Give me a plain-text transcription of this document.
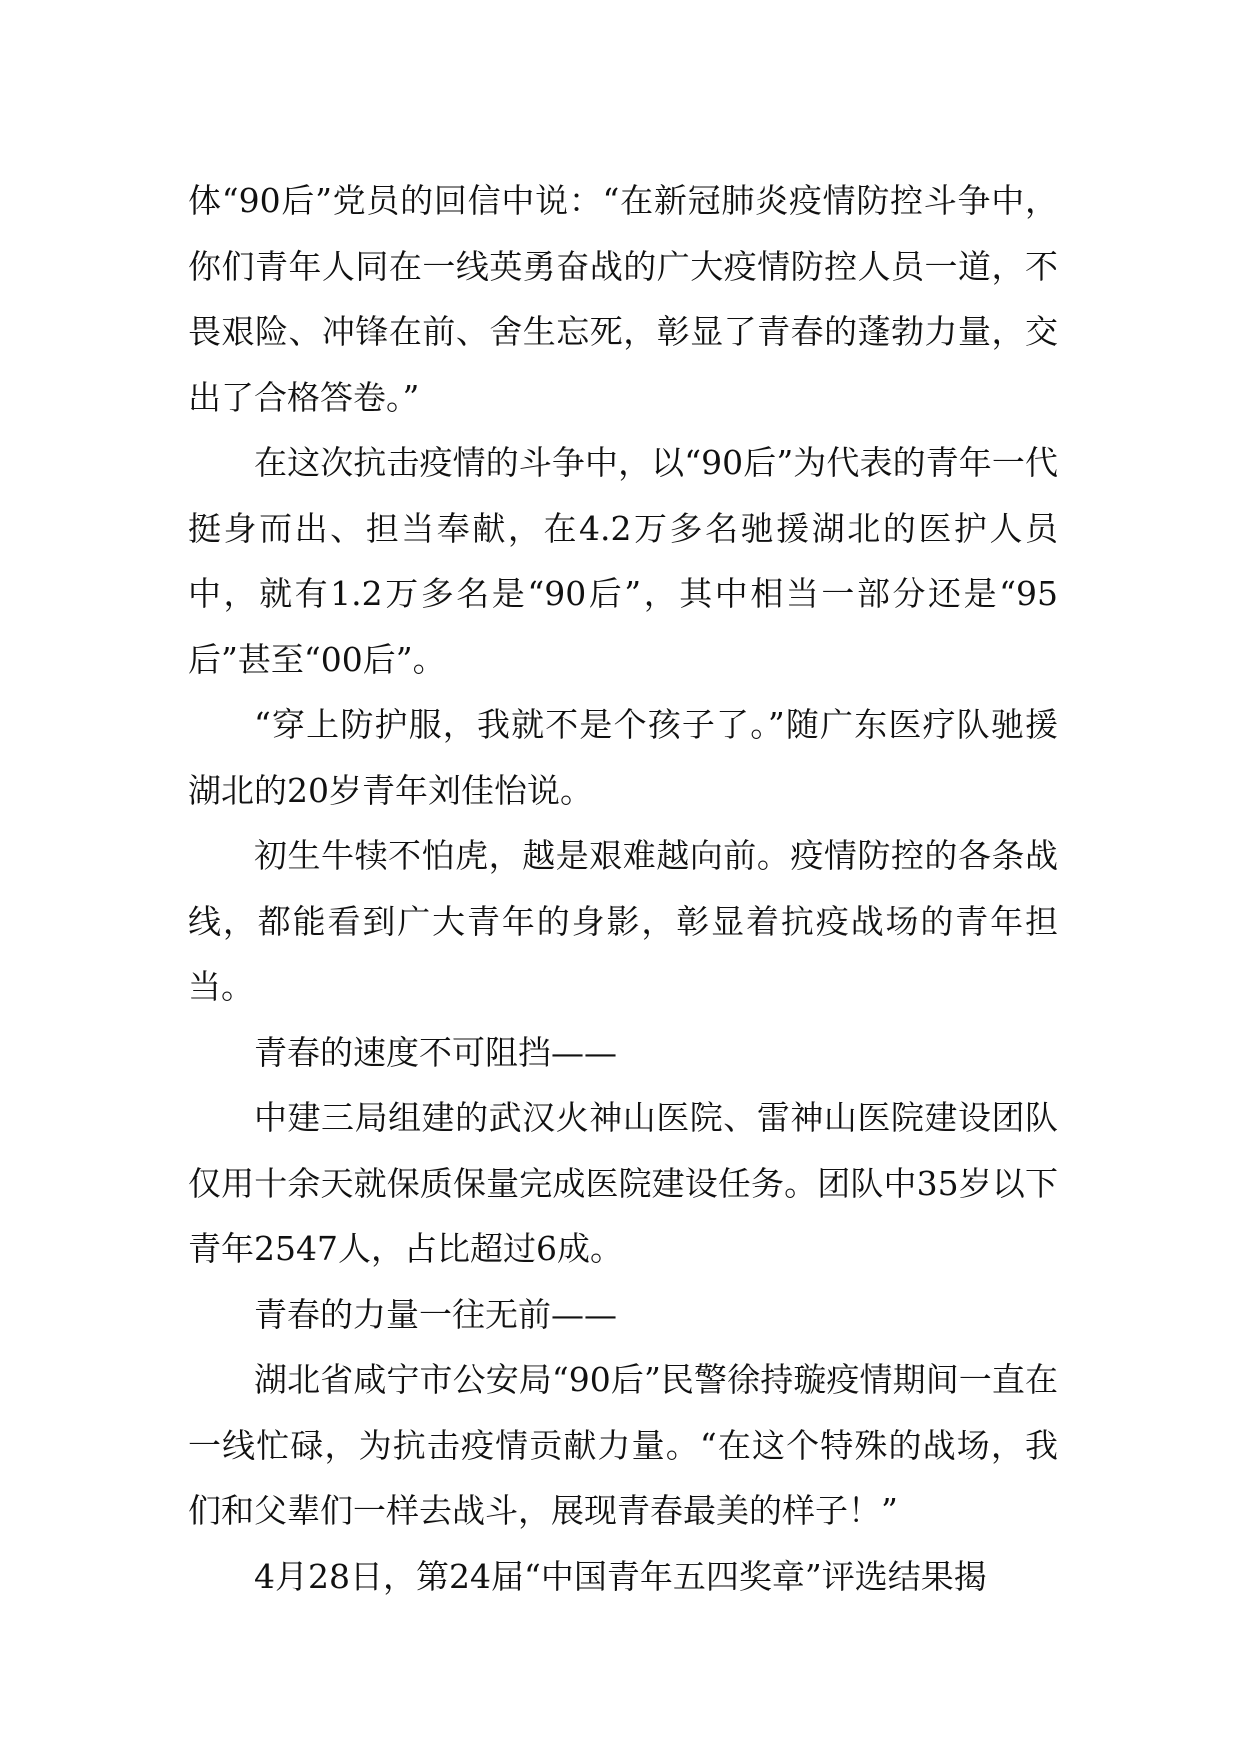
体“90后”党员的回信中说：“在新冠肺炎疫情防控斗争中，你们青年人同在一线英勇奋战的广大疫情防控人员一道，不畏艰险、冲锋在前、舍生忘死，彰显了青春的蓬勃力量，交出了合格答卷。”

在这次抗击疫情的斗争中，以“90后”为代表的青年一代挺身而出、担当奉献，在4.2万多名驰援湖北的医护人员中，就有1.2万多名是“90后”，其中相当一部分还是“95后”甚至“00后”。

“穿上防护服，我就不是个孩子了。”随广东医疗队驰援湖北的20岁青年刘佳怡说。

初生牛犊不怕虎，越是艰难越向前。疫情防控的各条战线，都能看到广大青年的身影，彰显着抗疫战场的青年担当。

青春的速度不可阻挡——

中建三局组建的武汉火神山医院、雷神山医院建设团队仅用十余天就保质保量完成医院建设任务。团队中35岁以下青年2547人，占比超过6成。

青春的力量一往无前——

湖北省咸宁市公安局“90后”民警徐持璇疫情期间一直在一线忙碌，为抗击疫情贡献力量。“在这个特殊的战场，我们和父辈们一样去战斗，展现青春最美的样子！”

4月28日，第24届“中国青年五四奖章”评选结果揭
